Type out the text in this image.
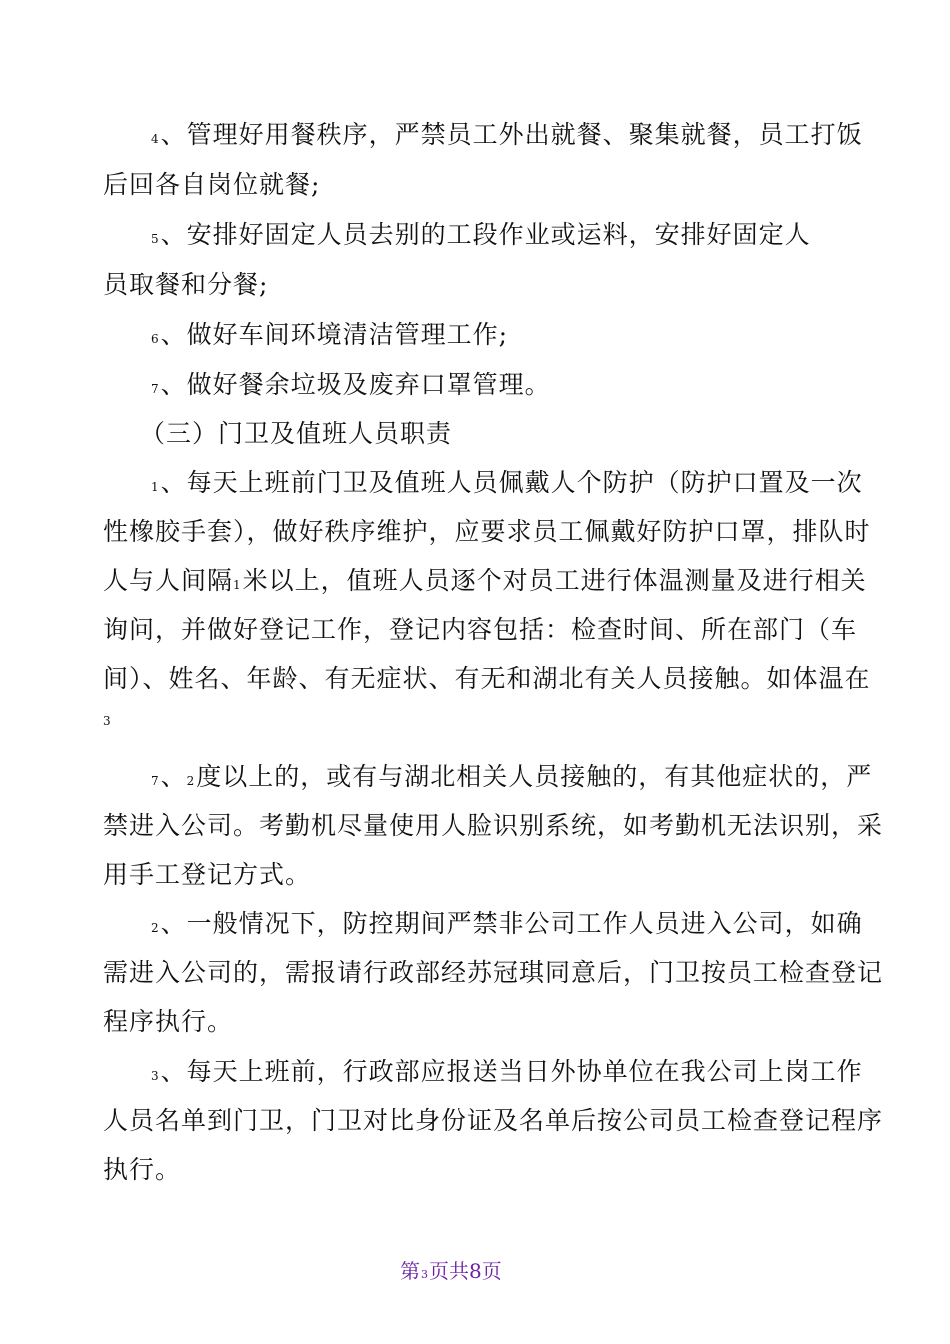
4、管理好用餐秩序，严禁员工外出就餐、聚集就餐，员工打饭
后回各自岗位就餐;
5、安排好固定人员去别的工段作业或运料，安排好固定人
员取餐和分餐;
6、做好车间环境清洁管理工作;
7、做好餐余垃圾及废弃口罩管理。
（三）门卫及值班人员职责
1、每天上班前门卫及值班人员佩戴人个防护（防护口置及一次
性橡胶手套），做好秩序维护，应要求员工佩戴好防护口罩，排队时
人与人间隔1米以上，值班人员逐个对员工进行体温测量及进行相关
询问，并做好登记工作，登记内容包括：检查时间、所在部门（车
间）、姓名、年龄、有无症状、有无和湖北有关人员接触。如体温在
3
7、2度以上的，或有与湖北相关人员接触的，有其他症状的，严
禁进入公司。考勤机尽量使用人脸识别系统，如考勤机无法识别，采
用手工登记方式。
2、一般情况下，防控期间严禁非公司工作人员进入公司，如确
需进入公司的，需报请行政部经苏冠琪同意后，门卫按员工检查登记
程序执行。
3、每天上班前，行政部应报送当日外协单位在我公司上岗工作
人员名单到门卫，门卫对比身份证及名单后按公司员工检查登记程序
执行。
第3页共8页
